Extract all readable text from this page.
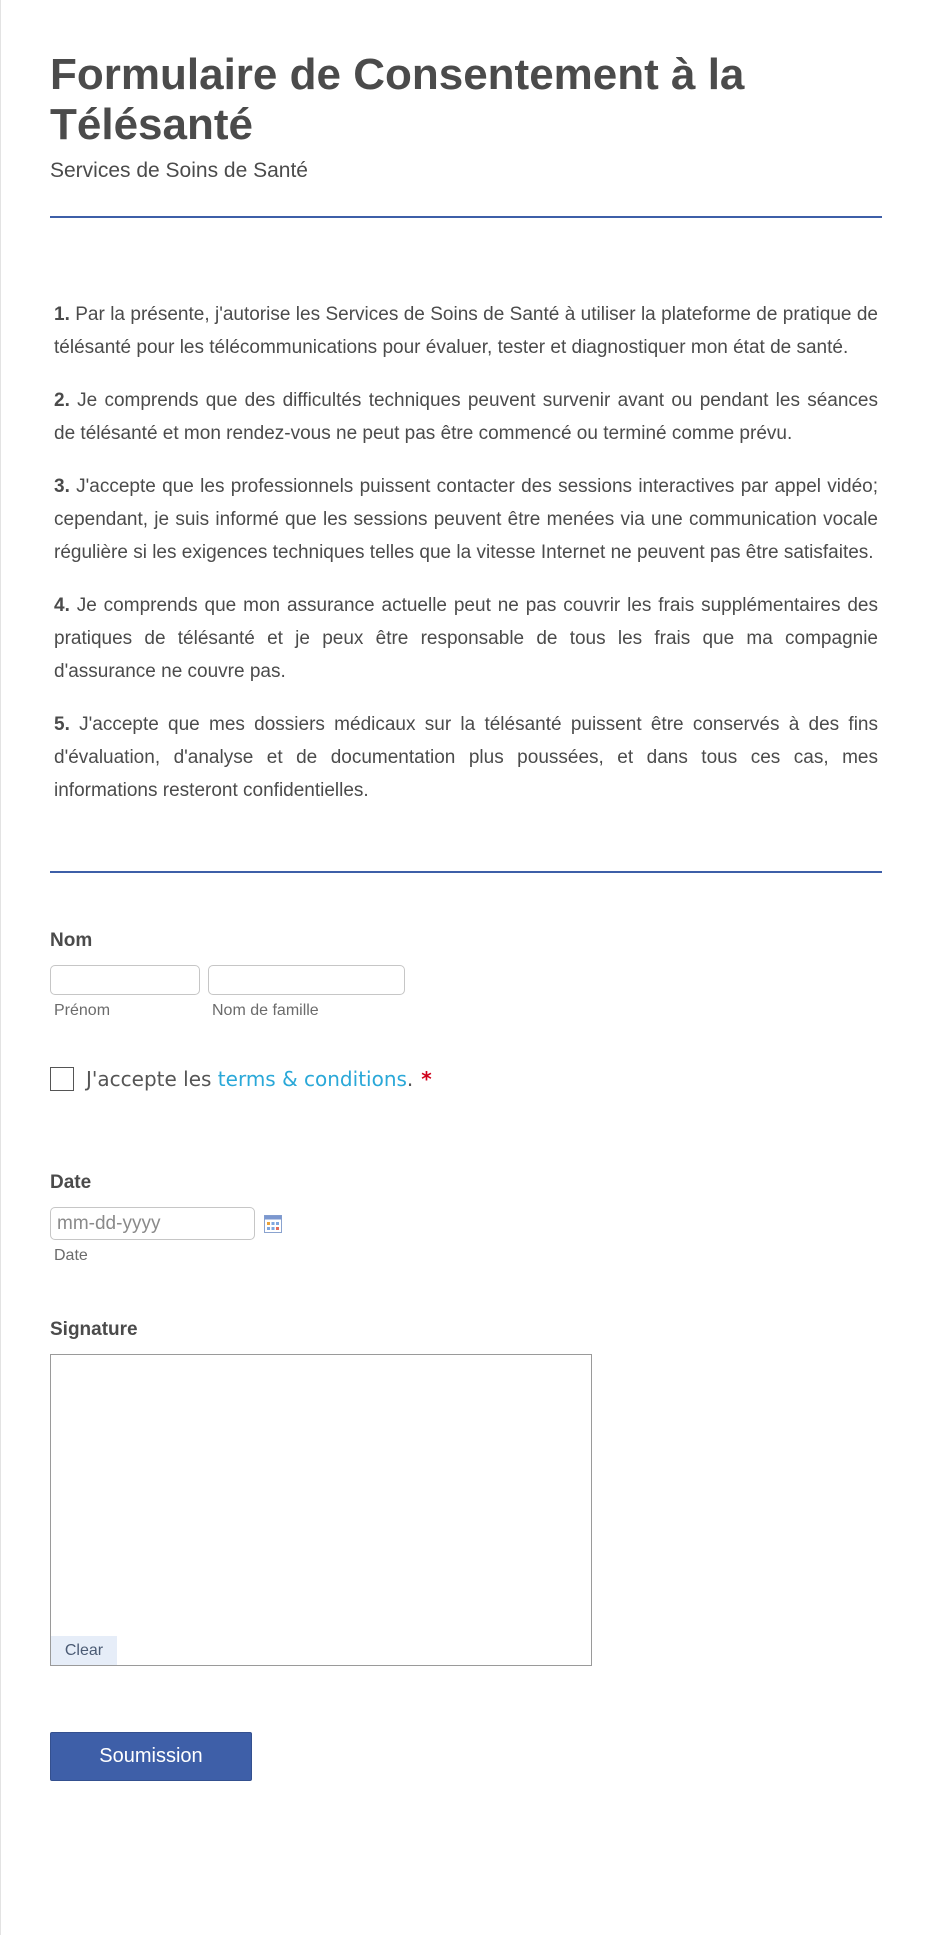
Formulaire de Consentement à la Télésanté
Services de Soins de Santé

1. Par la présente, j'autorise les Services de Soins de Santé à utiliser la plateforme de pratique de télésanté pour les télécommunications pour évaluer, tester et diagnostiquer mon état de santé.

2. Je comprends que des difficultés techniques peuvent survenir avant ou pendant les séances de télésanté et mon rendez-vous ne peut pas être commencé ou terminé comme prévu.

3. J'accepte que les professionnels puissent contacter des sessions interactives par appel vidéo; cependant, je suis informé que les sessions peuvent être menées via une communication vocale régulière si les exigences techniques telles que la vitesse Internet ne peuvent pas être satisfaites.

4. Je comprends que mon assurance actuelle peut ne pas couvrir les frais supplémentaires des pratiques de télésanté et je peux être responsable de tous les frais que ma compagnie d'assurance ne couvre pas.

5. J'accepte que mes dossiers médicaux sur la télésanté puissent être conservés à des fins d'évaluation, d'analyse et de documentation plus poussées, et dans tous ces cas, mes informations resteront confidentielles.

Nom
Prénom	Nom de famille
J'accepte les terms & conditions. *
Date
mm-dd-yyyy
Date
Signature
Clear
Soumission
